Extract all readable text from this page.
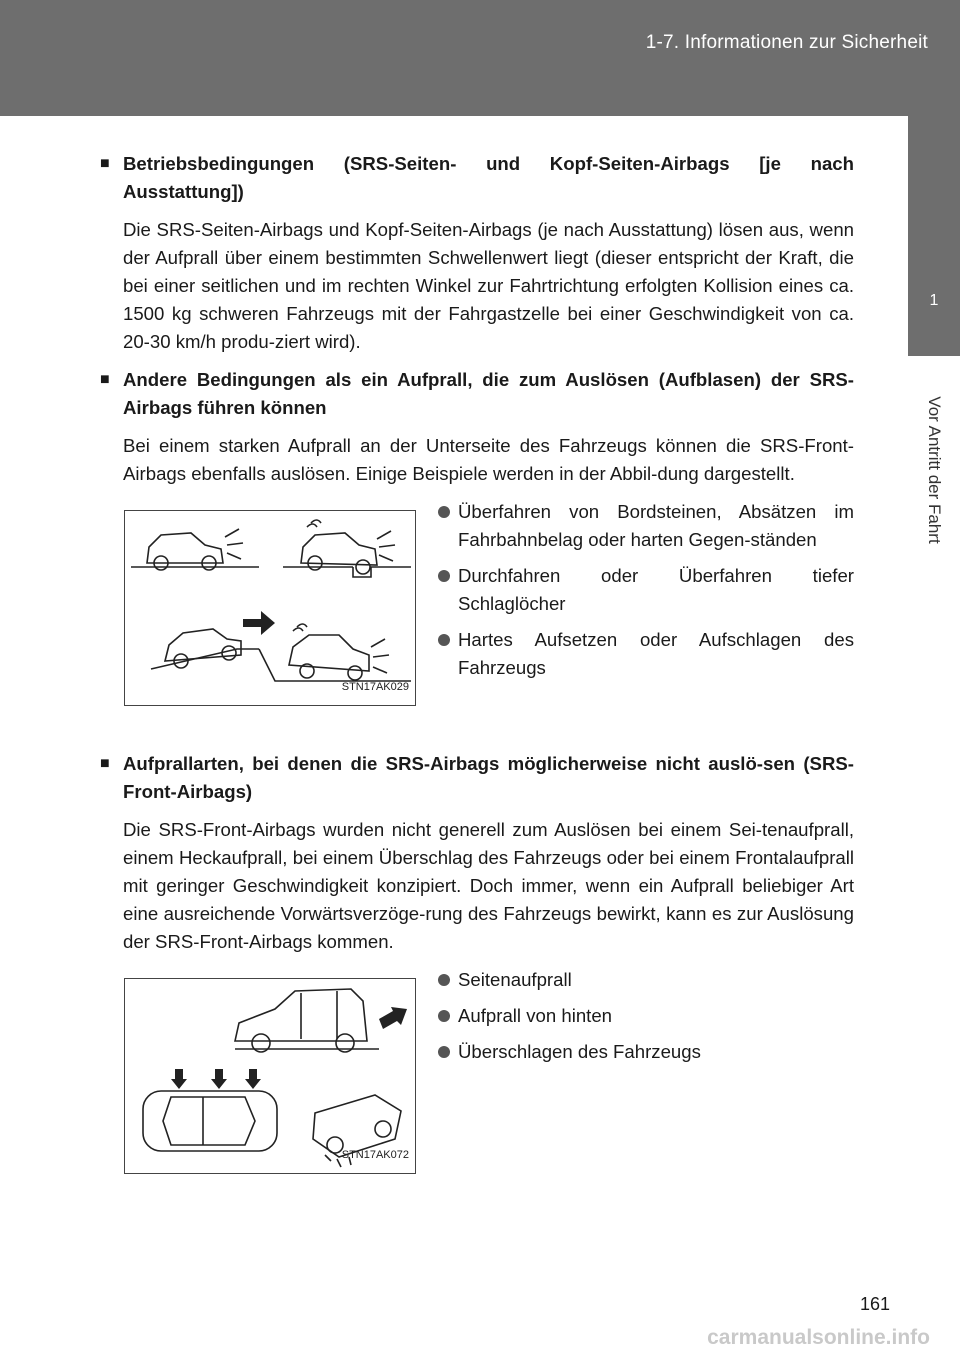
1-7. Informationen zur Sicherheit
1
Vor Antritt der Fahrt
■ Betriebsbedingungen (SRS-Seiten- und Kopf-Seiten-Airbags [je nach Ausstattung])

Die SRS-Seiten-Airbags und Kopf-Seiten-Airbags (je nach Ausstattung) lösen aus, wenn der Aufprall über einem bestimmten Schwellenwert liegt (dieser entspricht der Kraft, die bei einer seitlichen und im rechten Winkel zur Fahrtrichtung erfolgten Kollision eines ca. 1500 kg schweren Fahrzeugs mit der Fahrgastzelle bei einer Geschwindigkeit von ca. 20-30 km/h produ-ziert wird).

■ Andere Bedingungen als ein Aufprall, die zum Auslösen (Aufblasen) der SRS-Airbags führen können

Bei einem starken Aufprall an der Unterseite des Fahrzeugs können die SRS-Front-Airbags ebenfalls auslösen. Einige Beispiele werden in der Abbil-dung dargestellt.

STN17AK029
Überfahren von Bordsteinen, Absätzen im Fahrbahnbelag oder harten Gegen-ständen
Durchfahren oder Überfahren tiefer Schlaglöcher
Hartes Aufsetzen oder Aufschlagen des Fahrzeugs
■ Aufprallarten, bei denen die SRS-Airbags möglicherweise nicht auslö-sen (SRS-Front-Airbags)

Die SRS-Front-Airbags wurden nicht generell zum Auslösen bei einem Sei-tenaufprall, einem Heckaufprall, bei einem Überschlag des Fahrzeugs oder bei einem Frontalaufprall mit geringer Geschwindigkeit konzipiert. Doch immer, wenn ein Aufprall beliebiger Art eine ausreichende Vorwärtsverzöge-rung des Fahrzeugs bewirkt, kann es zur Auslösung der SRS-Front-Airbags kommen.

STN17AK072
Seitenaufprall
Aufprall von hinten
Überschlagen des Fahrzeugs
161
carmanualsonline.info
